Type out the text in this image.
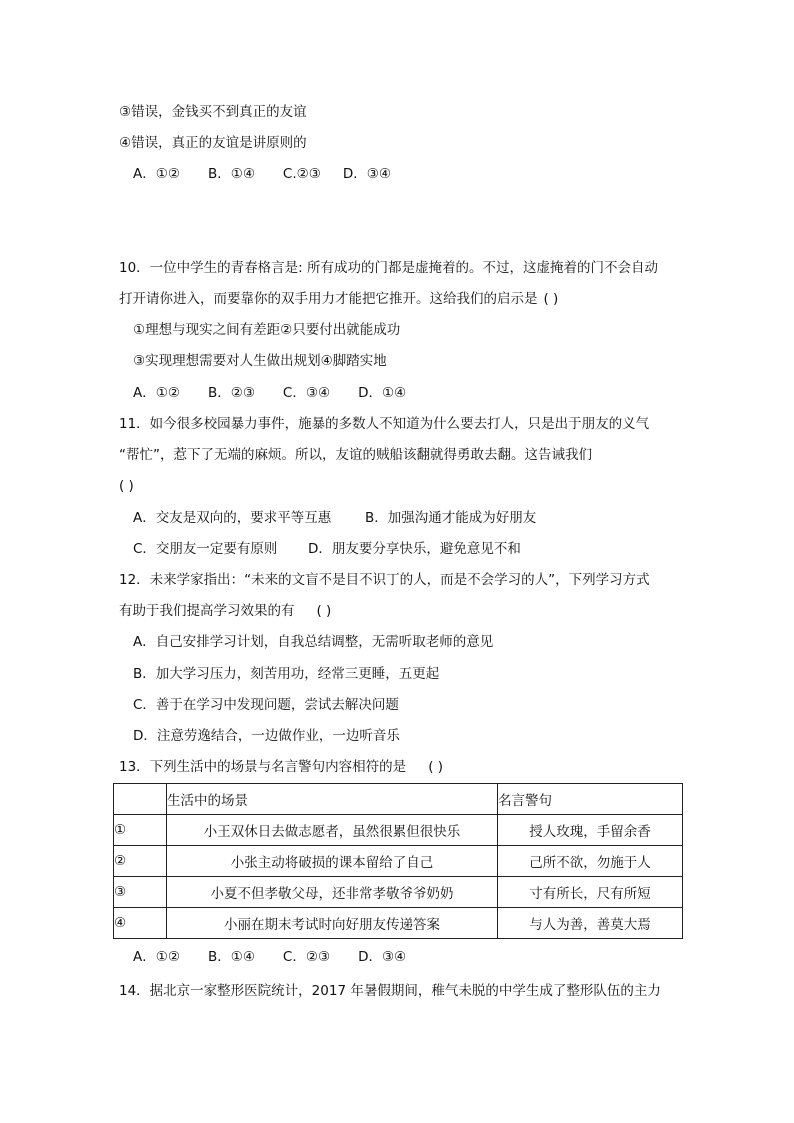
③错误，金钱买不到真正的友谊
④错误，真正的友谊是讲原则的
A．①② B．①④ C.②③ D．③④
10．一位中学生的青春格言是: 所有成功的门都是虚掩着的。不过，这虚掩着的门不会自动
打开请你进入，而要靠你的双手用力才能把它推开。这给我们的启示是 ( )
①理想与现实之间有差距②只要付出就能成功
③实现理想需要对人生做出规划④脚踏实地
A．①② B．②③ C．③④ D．①④
11．如今很多校园暴力事件，施暴的多数人不知道为什么要去打人，只是出于朋友的义气
“帮忙”，惹下了无端的麻烦。所以，友谊的贼船该翻就得勇敢去翻。这告诫我们
( )
A．交友是双向的，要求平等互惠	B．加强沟通才能成为好朋友
C．交朋友一定要有原则 D．朋友要分享快乐，避免意见不和
12．未来学家指出：“未来的文盲不是目不识丁的人，而是不会学习的人”，下列学习方式
有助于我们提高学习效果的有 ( )
A．自己安排学习计划，自我总结调整，无需听取老师的意见
B．加大学习压力，刻苦用功，经常三更睡，五更起
C．善于在学习中发现问题，尝试去解决问题
D．注意劳逸结合，一边做作业，一边听音乐
13．下列生活中的场景与名言警句内容相符的是 ( )
	生活中的场景	名言警句
①	小王双休日去做志愿者，虽然很累但很快乐	授人玫瑰，手留余香
②	小张主动将破损的课本留给了自己	己所不欲，勿施于人
③	小夏不但孝敬父母，还非常孝敬爷爷奶奶	寸有所长，尺有所短
④	小丽在期末考试时向好朋友传递答案	与人为善，善莫大焉
A．①② B．①④ C．②③ D．③④
14．据北京一家整形医院统计，2017 年暑假期间，稚气未脱的中学生成了整形队伍的主力
